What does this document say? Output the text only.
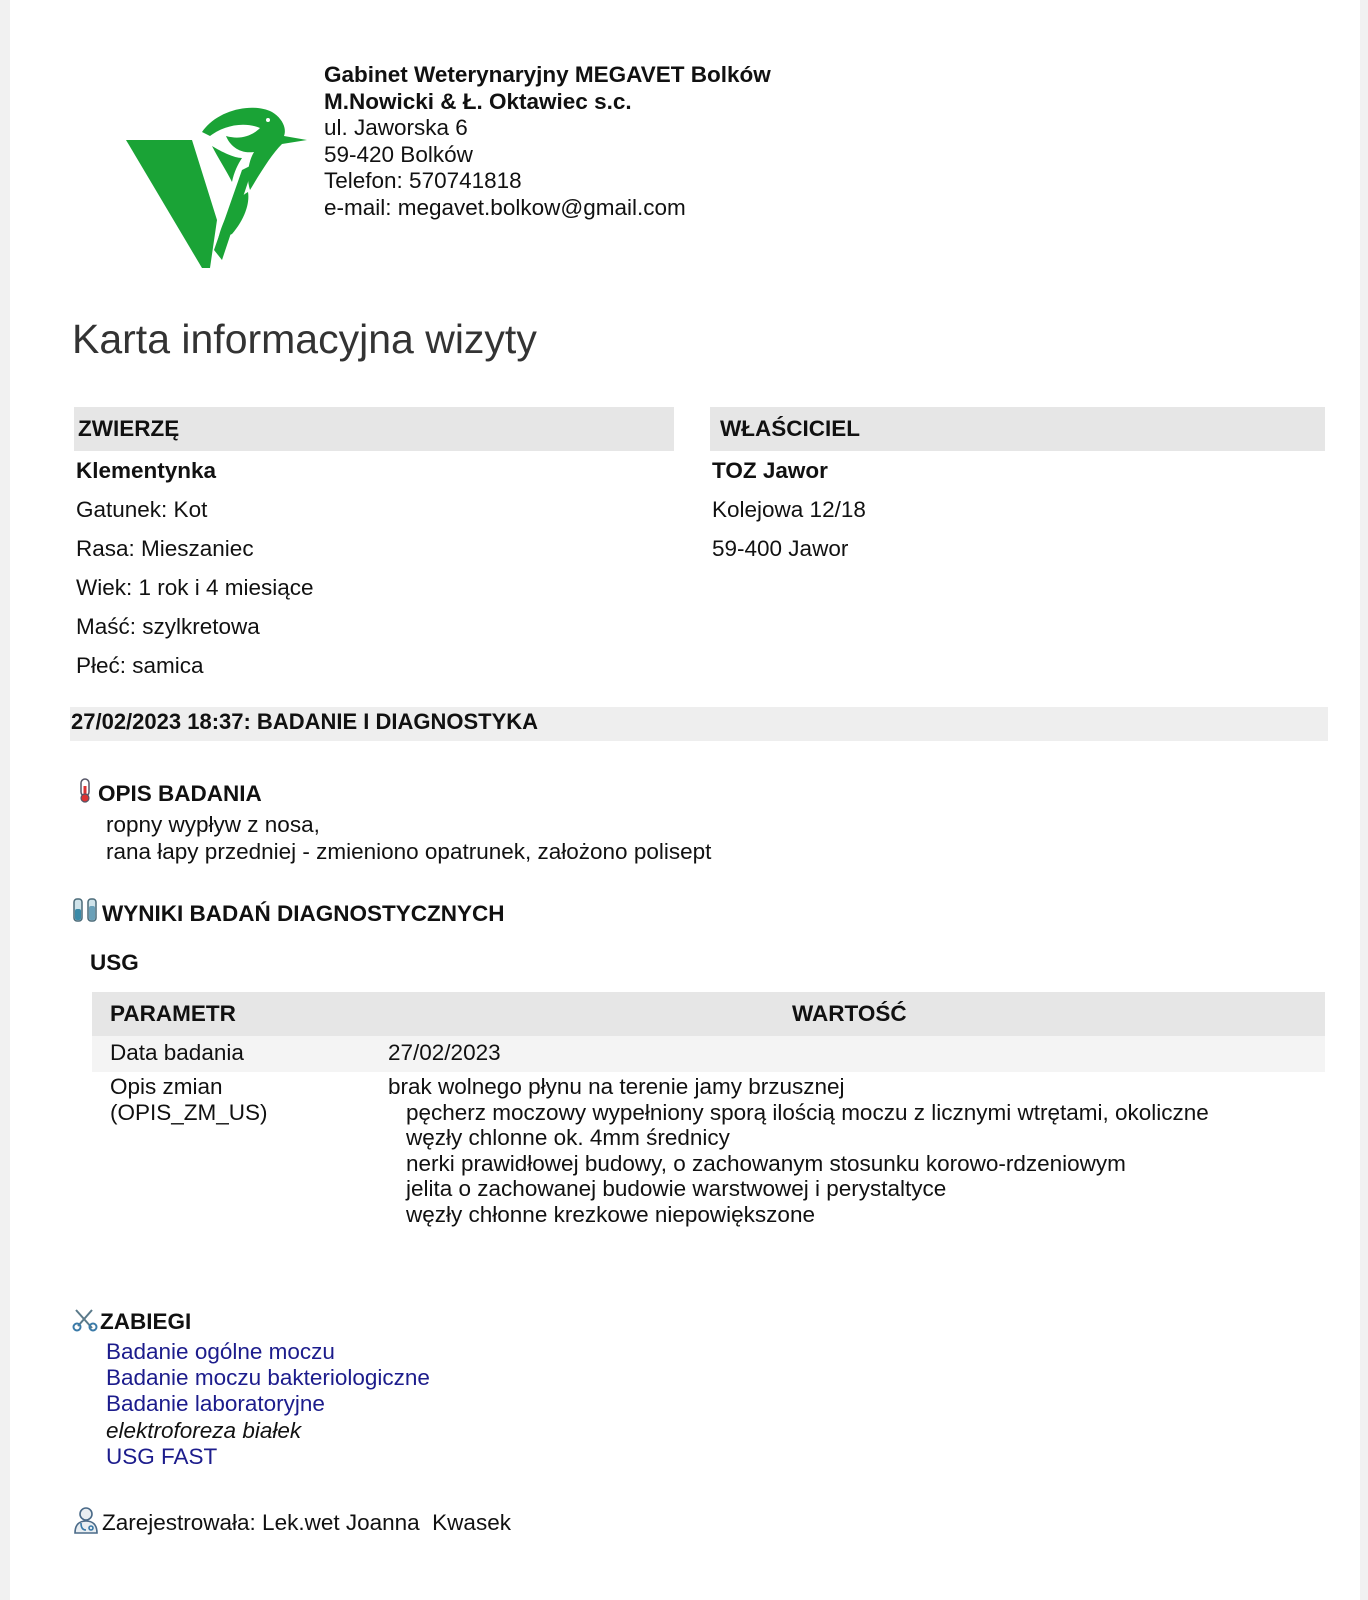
Gabinet Weterynaryjny MEGAVET Bolków
M.Nowicki & Ł. Oktawiec s.c.
ul. Jaworska 6
59-420 Bolków
Telefon: 570741818
e-mail: megavet.bolkow@gmail.com
Karta informacyjna wizyty
ZWIERZĘ
Klementynka
Gatunek: Kot
Rasa: Mieszaniec
Wiek: 1 rok i 4 miesiące
Maść: szylkretowa
Płeć: samica
WŁAŚCICIEL
TOZ Jawor
Kolejowa 12/18
59-400 Jawor
27/02/2023 18:37: BADANIE I DIAGNOSTYKA
OPIS BADANIA
ropny wypływ z nosa,
rana łapy przedniej - zmieniono opatrunek, założono polisept
WYNIKI BADAŃ DIAGNOSTYCZNYCH
USG
PARAMETR	WARTOŚĆ
Data badania	27/02/2023
Opis zmian
(OPIS_ZM_US)
brak wolnego płynu na terenie jamy brzusznej
pęcherz moczowy wypełniony sporą ilością moczu z licznymi wtrętami, okoliczne
węzły chlonne ok. 4mm średnicy
nerki prawidłowej budowy, o zachowanym stosunku korowo-rdzeniowym
jelita o zachowanej budowie warstwowej i perystaltyce
węzły chłonne krezkowe niepowiększone
ZABIEGI
Badanie ogólne moczu
Badanie moczu bakteriologiczne
Badanie laboratoryjne
elektroforeza białek
USG FAST
Zarejestrowała: Lek.wet Joanna  Kwasek
